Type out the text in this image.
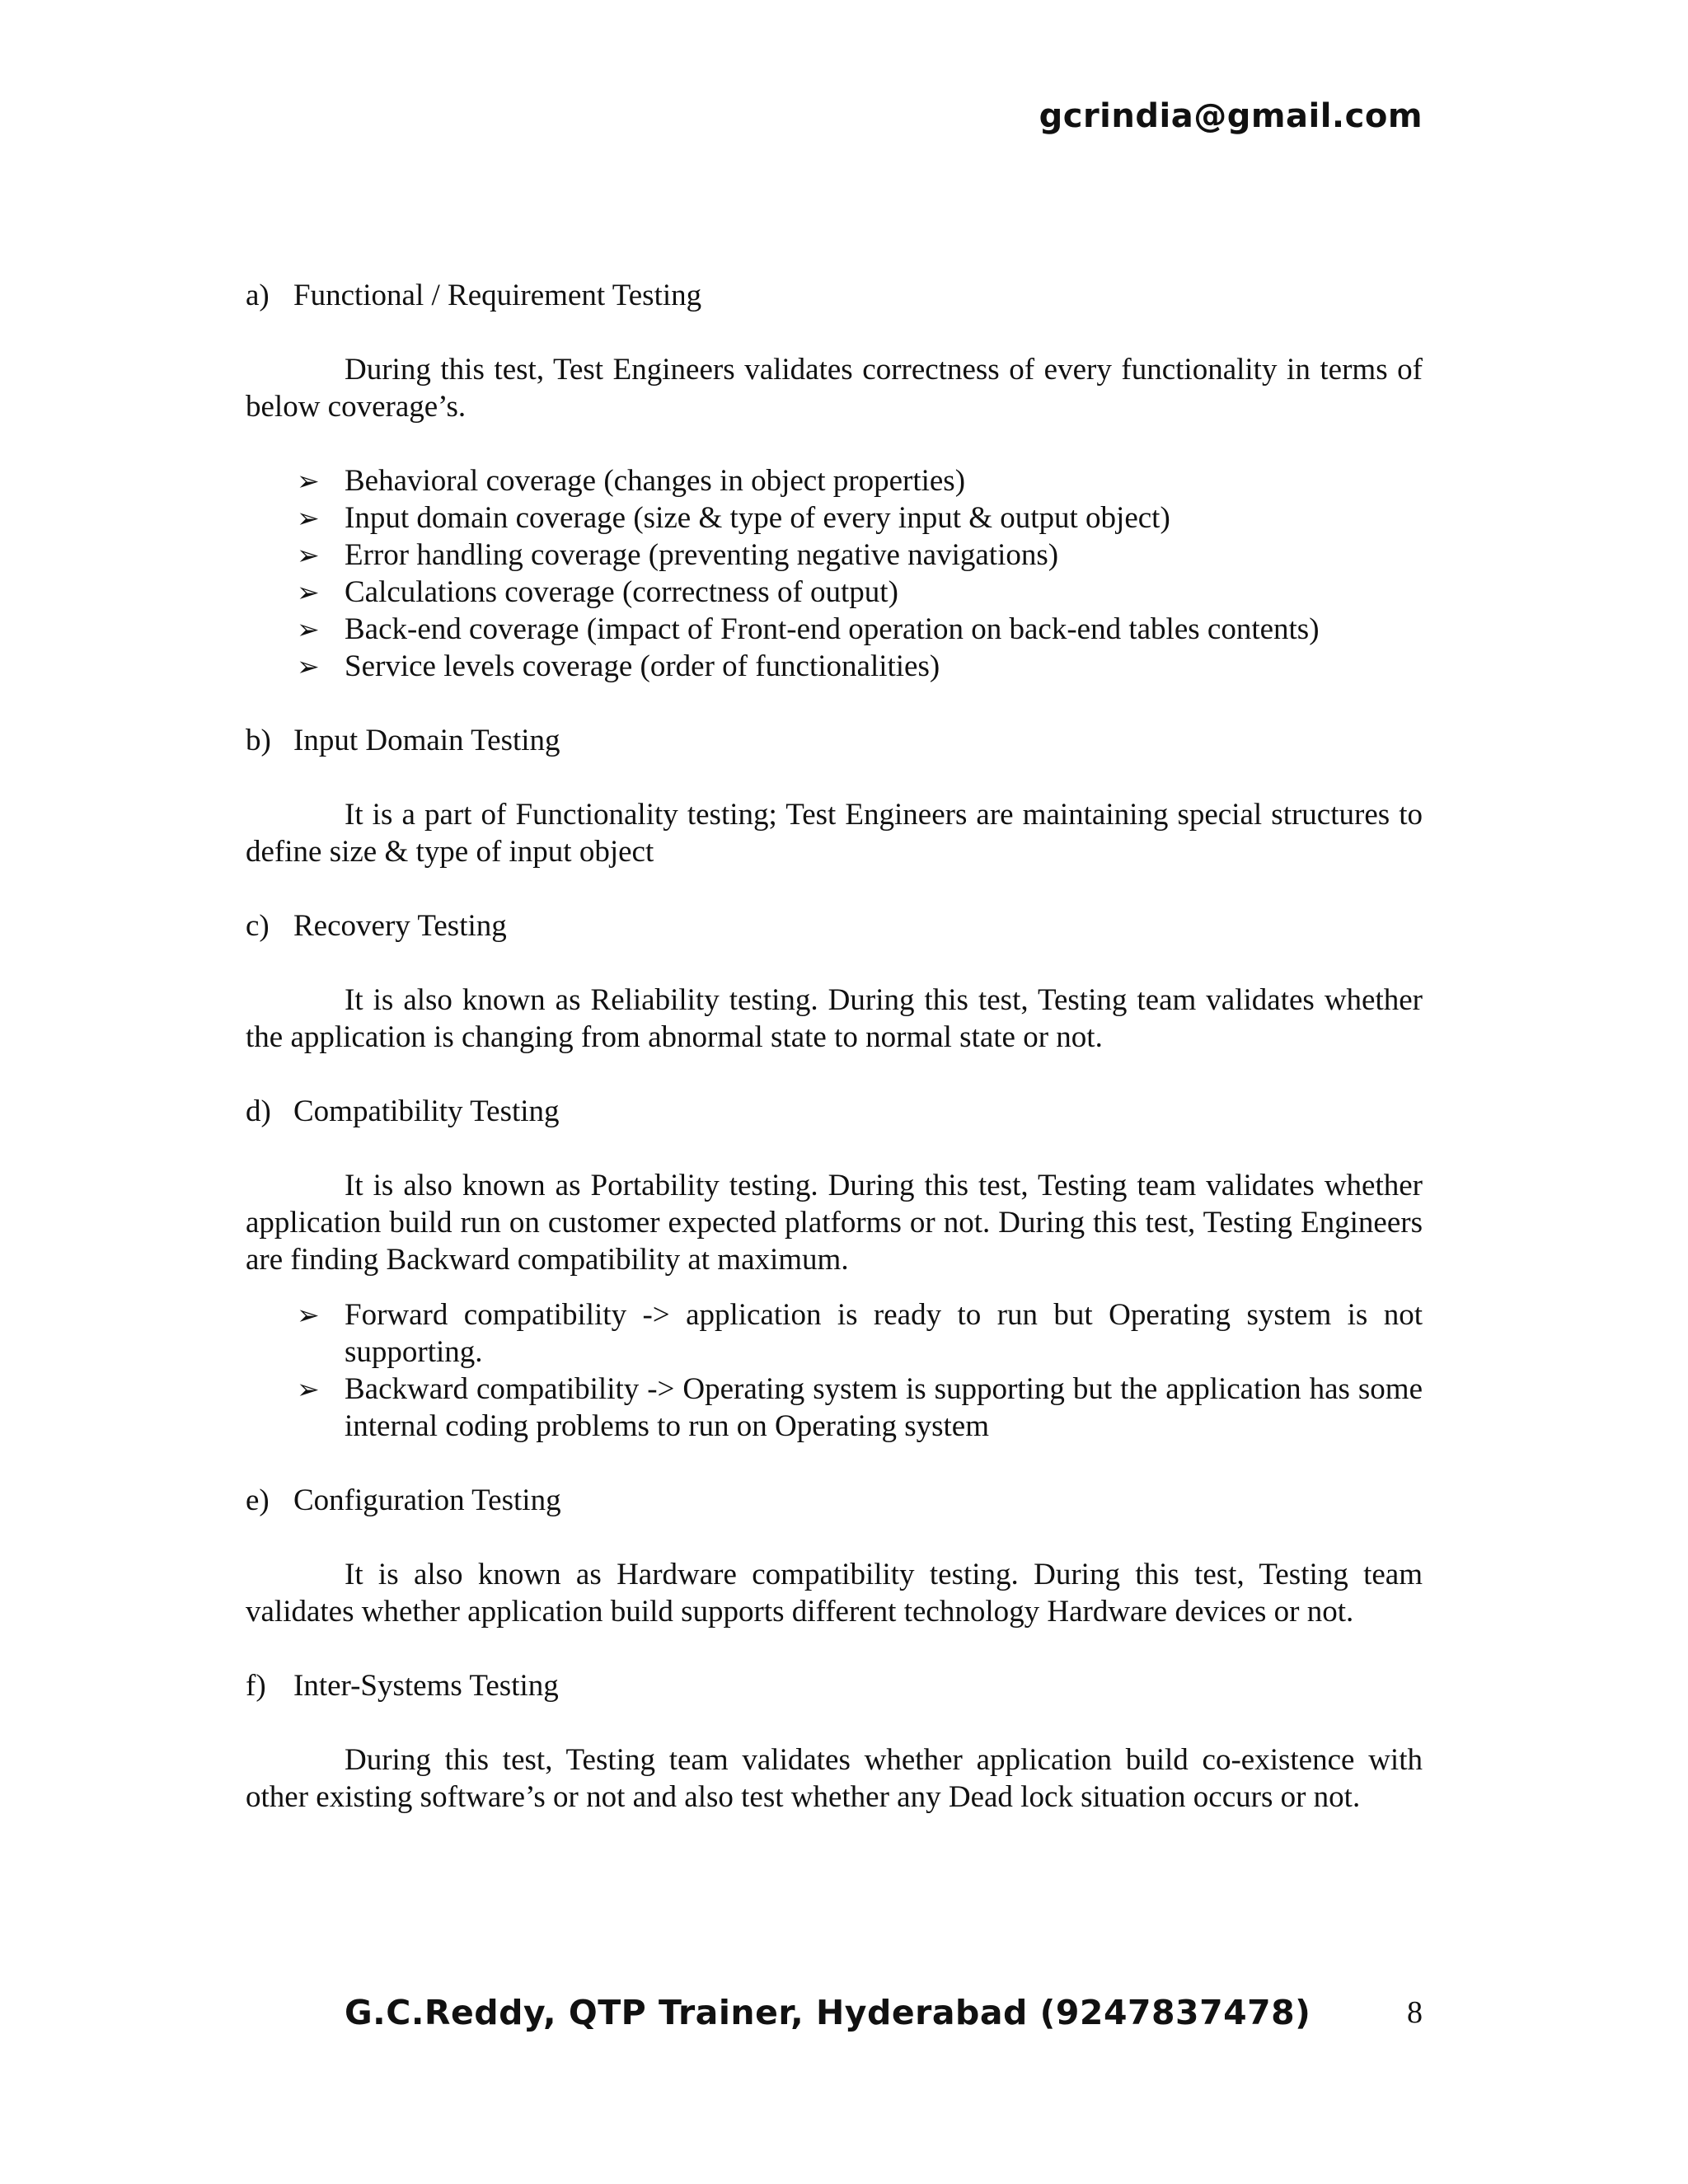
gcrindia@gmail.com
a) Functional / Requirement Testing

During this test, Test Engineers validates correctness of every functionality in terms of below coverage’s.

➢ Behavioral coverage (changes in object properties)
➢ Input domain coverage (size & type of every input & output object)
➢ Error handling coverage (preventing negative navigations)
➢ Calculations coverage (correctness of output)
➢ Back-end coverage (impact of Front-end operation on back-end tables contents)
➢ Service levels coverage (order of functionalities)
b) Input Domain Testing

It is a part of Functionality testing; Test Engineers are maintaining special structures to define size & type of input object

c) Recovery Testing

It is also known as Reliability testing. During this test, Testing team validates whether the application is changing from abnormal state to normal state or not.

d) Compatibility Testing

It is also known as Portability testing. During this test, Testing team validates whether application build run on customer expected platforms or not. During this test, Testing Engineers are finding Backward compatibility at maximum.

➢ Forward compatibility -> application is ready to run but Operating system is not supporting.
➢ Backward compatibility -> Operating system is supporting but the application has some internal coding problems to run on Operating system
e) Configuration Testing

It is also known as Hardware compatibility testing. During this test, Testing team validates whether application build supports different technology Hardware devices or not.

f) Inter-Systems Testing

During this test, Testing team validates whether application build co-existence with other existing software’s or not and also test whether any Dead lock situation occurs or not.

G.C.Reddy, QTP Trainer, Hyderabad (9247837478)	8
